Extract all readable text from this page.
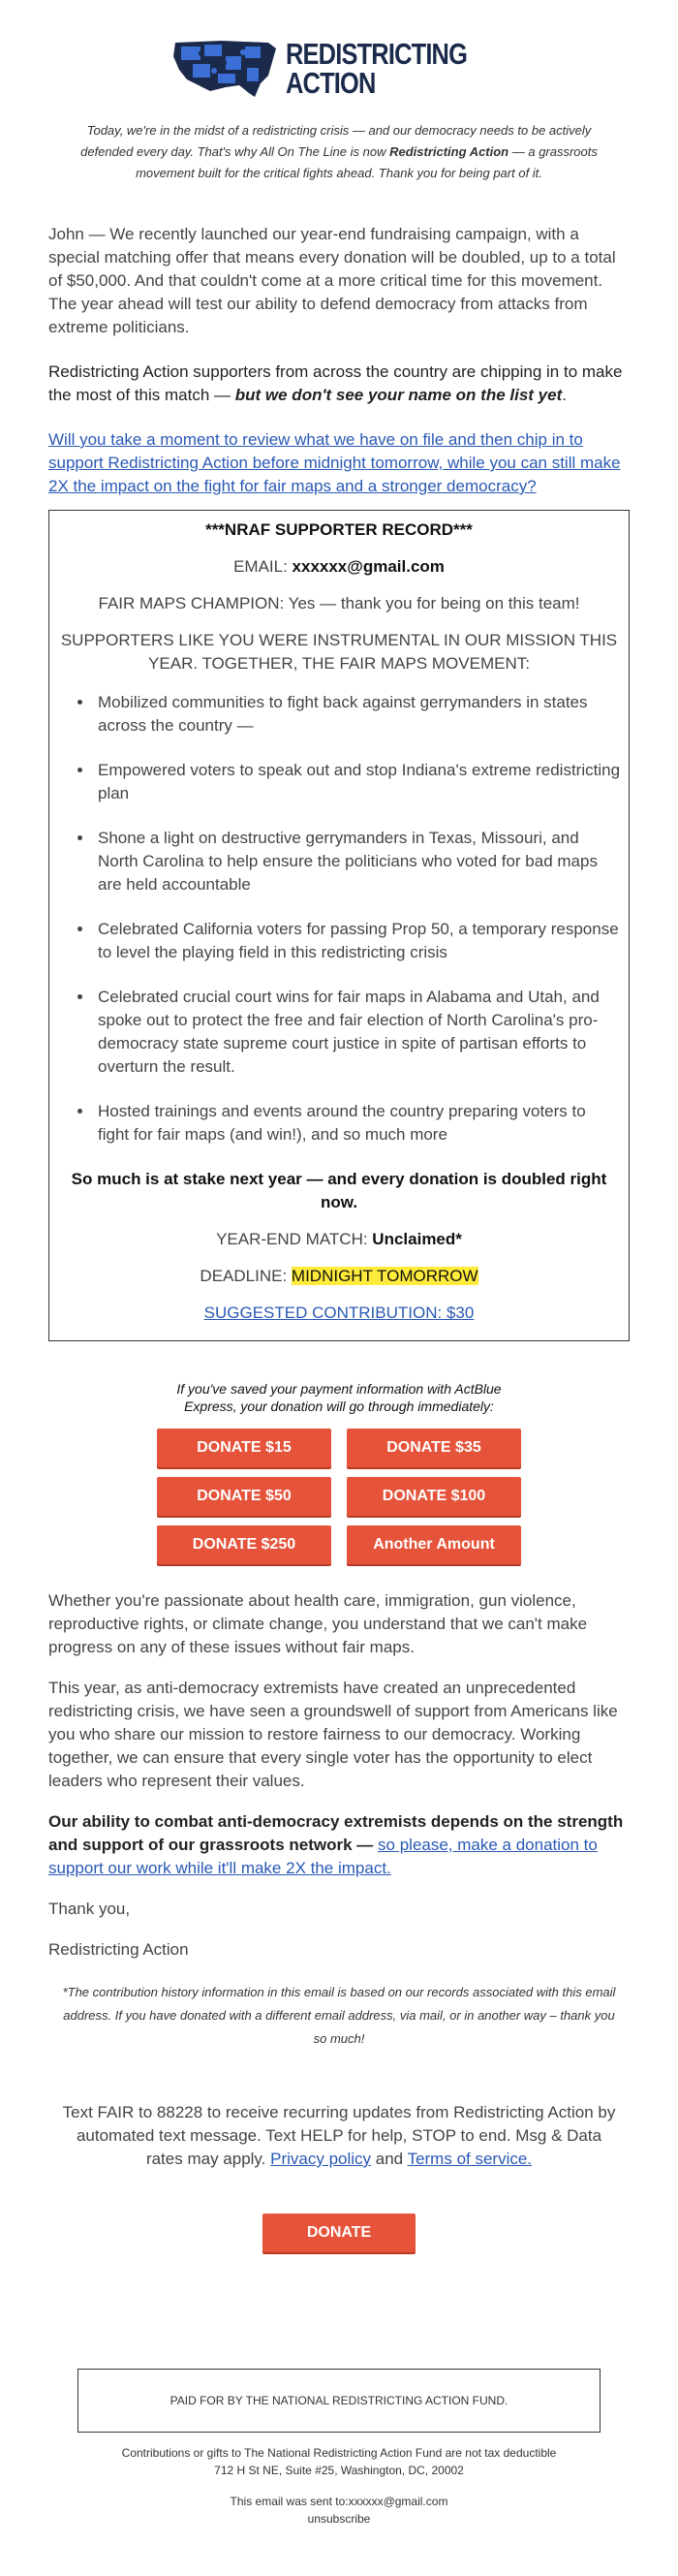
REDISTRICTING
ACTION
Today, we're in the midst of a redistricting crisis — and our democracy needs to be actively defended every day. That's why All On The Line is now Redistricting Action — a grassroots movement built for the critical fights ahead. Thank you for being part of it.
John — We recently launched our year-end fundraising campaign, with a special matching offer that means every donation will be doubled, up to a total of $50,000. And that couldn't come at a more critical time for this movement. The year ahead will test our ability to defend democracy from attacks from extreme politicians.
Redistricting Action supporters from across the country are chipping in to make the most of this match — but we don't see your name on the list yet.
Will you take a moment to review what we have on file and then chip in to support Redistricting Action before midnight tomorrow, while you can still make 2X the impact on the fight for fair maps and a stronger democracy?
***NRAF SUPPORTER RECORD***
EMAIL: xxxxxx@gmail.com
FAIR MAPS CHAMPION: Yes — thank you for being on this team!
SUPPORTERS LIKE YOU WERE INSTRUMENTAL IN OUR MISSION THIS YEAR. TOGETHER, THE FAIR MAPS MOVEMENT:
• Mobilized communities to fight back against gerrymanders in states across the country —
• Empowered voters to speak out and stop Indiana's extreme redistricting plan
• Shone a light on destructive gerrymanders in Texas, Missouri, and North Carolina to help ensure the politicians who voted for bad maps are held accountable
• Celebrated California voters for passing Prop 50, a temporary response to level the playing field in this redistricting crisis
• Celebrated crucial court wins for fair maps in Alabama and Utah, and spoke out to protect the free and fair election of North Carolina's pro-democracy state supreme court justice in spite of partisan efforts to overturn the result.
• Hosted trainings and events around the country preparing voters to fight for fair maps (and win!), and so much more
So much is at stake next year — and every donation is doubled right now.
YEAR-END MATCH: Unclaimed*
DEADLINE: MIDNIGHT TOMORROW
SUGGESTED CONTRIBUTION: $30
If you've saved your payment information with ActBlue Express, your donation will go through immediately:
DONATE $15	DONATE $35
DONATE $50	DONATE $100
DONATE $250	Another Amount
Whether you're passionate about health care, immigration, gun violence, reproductive rights, or climate change, you understand that we can't make progress on any of these issues without fair maps.
This year, as anti-democracy extremists have created an unprecedented redistricting crisis, we have seen a groundswell of support from Americans like you who share our mission to restore fairness to our democracy. Working together, we can ensure that every single voter has the opportunity to elect leaders who represent their values.
Our ability to combat anti-democracy extremists depends on the strength and support of our grassroots network — so please, make a donation to support our work while it'll make 2X the impact.
Thank you,
Redistricting Action
*The contribution history information in this email is based on our records associated with this email address. If you have donated with a different email address, via mail, or in another way – thank you so much!
Text FAIR to 88228 to receive recurring updates from Redistricting Action by automated text message. Text HELP for help, STOP to end. Msg & Data rates may apply. Privacy policy and Terms of service.
DONATE
PAID FOR BY THE NATIONAL REDISTRICTING ACTION FUND.
Contributions or gifts to The National Redistricting Action Fund are not tax deductible
712 H St NE, Suite #25, Washington, DC, 20002
This email was sent to:xxxxxx@gmail.com
unsubscribe
